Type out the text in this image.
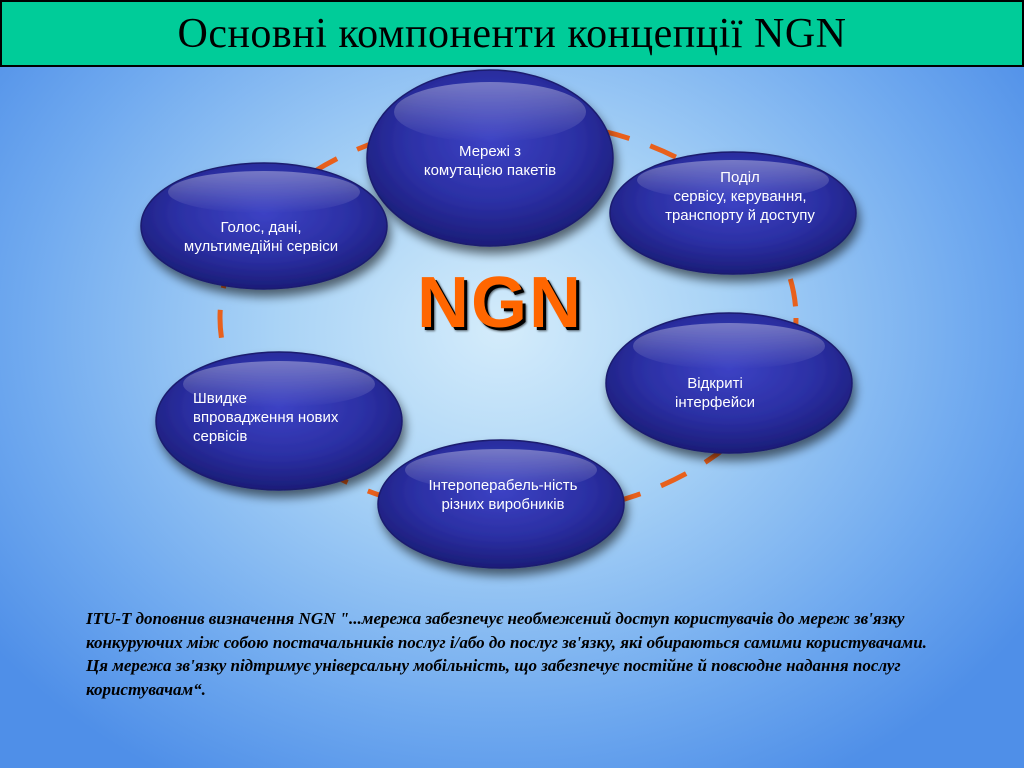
Основні компоненти концепції NGN
Мережі з
комутацією пакетів	Поділ
сервісу, керування,
транспорту й доступу
Відкриті
інтерфейси
Інтероперабель-ність
різних виробників
Швидке
впровадження нових
сервісів
Голос, дані,
мультимедійні сервіси
NGN

ITU-T доповнив визначення NGN "...мережа забезпечує необмежений доступ користувачів до мереж зв'язку конкуруючих між собою постачальників послуг і/або до послуг зв'язку, які обираються самими користувачами.

Ця мережа зв'язку підтримує універсальну мобільність, що забезпечує постійне й повсюдне надання послуг користувачам“.
